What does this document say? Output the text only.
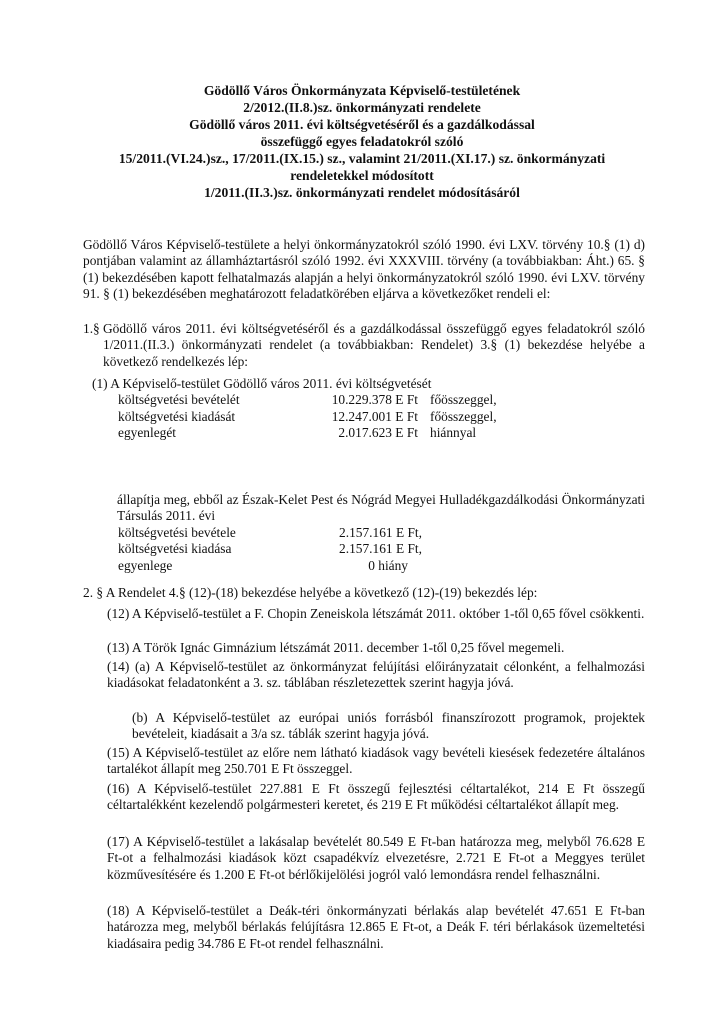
Gödöllő Város Önkormányzata Képviselő-testületének
2/2012.(II.8.)sz. önkormányzati rendelete
Gödöllő város 2011. évi költségvetéséről és a gazdálkodással
összefüggő egyes feladatokról szóló
15/2011.(VI.24.)sz., 17/2011.(IX.15.) sz., valamint 21/2011.(XI.17.) sz. önkormányzati
rendeletekkel módosított
1/2011.(II.3.)sz. önkormányzati rendelet módosításáról
Gödöllő Város Képviselő-testülete a helyi önkormányzatokról szóló 1990. évi LXV. törvény 10.§ (1) d) pontjában valamint az államháztartásról szóló 1992. évi XXXVIII. törvény (a továbbiakban: Áht.) 65. § (1) bekezdésében kapott felhatalmazás alapján a helyi önkormányzatokról szóló 1990. évi LXV. törvény 91. § (1) bekezdésében meghatározott feladatkörében eljárva a következőket rendeli el:
1.§ Gödöllő város 2011. évi költségvetéséről és a gazdálkodással összefüggő egyes feladatokról szóló 1/2011.(II.3.) önkormányzati rendelet (a továbbiakban: Rendelet) 3.§ (1) bekezdése helyébe a következő rendelkezés lép:
(1) A Képviselő-testület Gödöllő város 2011. évi költségvetését
költségvetési bevételét	10.229.378 E Ft főösszeggel,
költségvetési kiadását	12.247.001 E Ft főösszeggel,
egyenlegét	2.017.623 E Ft hiánnyal
állapítja meg, ebből az Észak-Kelet Pest és Nógrád Megyei Hulladékgazdálkodási Önkormányzati Társulás 2011. évi
költségvetési bevétele	2.157.161 E Ft,
költségvetési kiadása	2.157.161 E Ft,
egyenlege	0 hiány
2. § A Rendelet 4.§ (12)-(18) bekezdése helyébe a következő (12)-(19) bekezdés lép:
(12) A Képviselő-testület a F. Chopin Zeneiskola létszámát 2011. október 1-től 0,65 fővel csökkenti.
(13) A Török Ignác Gimnázium létszámát 2011. december 1-től 0,25 fővel megemeli.
(14) (a) A Képviselő-testület az önkormányzat felújítási előirányzatait célonként, a felhalmozási kiadásokat feladatonként a 3. sz. táblában részletezettek szerint hagyja jóvá.
(b) A Képviselő-testület az európai uniós forrásból finanszírozott programok, projektek bevételeit, kiadásait a 3/a sz. táblák szerint hagyja jóvá.
(15) A Képviselő-testület az előre nem látható kiadások vagy bevételi kiesések fedezetére általános tartalékot állapít meg 250.701 E Ft összeggel.
(16) A Képviselő-testület 227.881 E Ft összegű fejlesztési céltartalékot, 214 E Ft összegű céltartalékként kezelendő polgármesteri keretet, és 219 E Ft működési céltartalékot állapít meg.
(17) A Képviselő-testület a lakásalap bevételét 80.549 E Ft-ban határozza meg, melyből 76.628 E Ft-ot a felhalmozási kiadások közt csapadékvíz elvezetésre, 2.721 E Ft-ot a Meggyes terület közművesítésére és 1.200 E Ft-ot bérlőkijelölési jogról való lemondásra rendel felhasználni.
(18) A Képviselő-testület a Deák-téri önkormányzati bérlakás alap bevételét 47.651 E Ft-ban határozza meg, melyből bérlakás felújításra 12.865 E Ft-ot, a Deák F. téri bérlakások üzemeltetési kiadásaira pedig 34.786 E Ft-ot rendel felhasználni.
